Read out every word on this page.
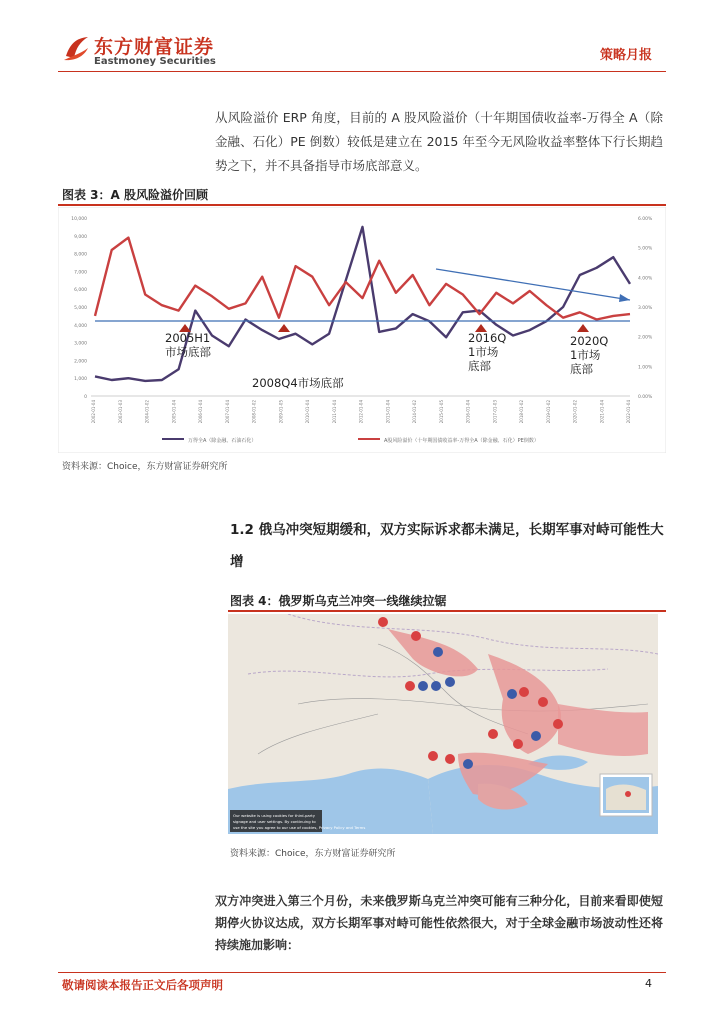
东方财富证券
Eastmoney Securities	策略月报
从风险溢价 ERP 角度，目前的 A 股风险溢价（十年期国债收益率-万得全 A（除金融、石化）PE 倒数）较低是建立在 2015 年至今无风险收益率整体下行长期趋势之下，并不具备指导市场底部意义。
图表 3：A 股风险溢价回顾
10,000
9,000
8,000
7,000
6,000
5,000
4,000
3,000
2,000
1,000
0
6.00%
5.00%
4.00%
3.00%
2.00%
1.00%
0.00%
2002-01-04	2003-01-03	2004-01-02	2005-01-04	2006-01-04	2007-01-04	2008-01-02	2009-01-05	2010-01-04	2011-01-04	2012-01-04	2013-01-04	2014-01-02	2015-01-05	2016-01-04	2017-01-03	2018-01-02	2019-01-02	2020-01-02	2021-01-04	2022-01-04
2005H1
市场底部
2008Q4市场底部
2016Q
1市场
底部
2020Q
1市场
底部
万得全A（除金融、石油石化）	A股风险溢价（十年期国债收益率-万得全A（除金融、石化）PE倒数）
资料来源：Choice，东方财富证券研究所
1.2 俄乌冲突短期缓和，双方实际诉求都未满足，长期军事对峙可能性大增
图表 4：俄罗斯乌克兰冲突一线继续拉锯
Our website is using cookies for third-party
signage and user settings. By continuing to
use the site you agree to our use of cookies, Privacy Policy and Terms
资料来源：Choice，东方财富证券研究所
双方冲突进入第三个月份，未来俄罗斯乌克兰冲突可能有三种分化，目前来看即使短期停火协议达成，双方长期军事对峙可能性依然很大，对于全球金融市场波动性还将持续施加影响：
敬请阅读本报告正文后各项声明	4
